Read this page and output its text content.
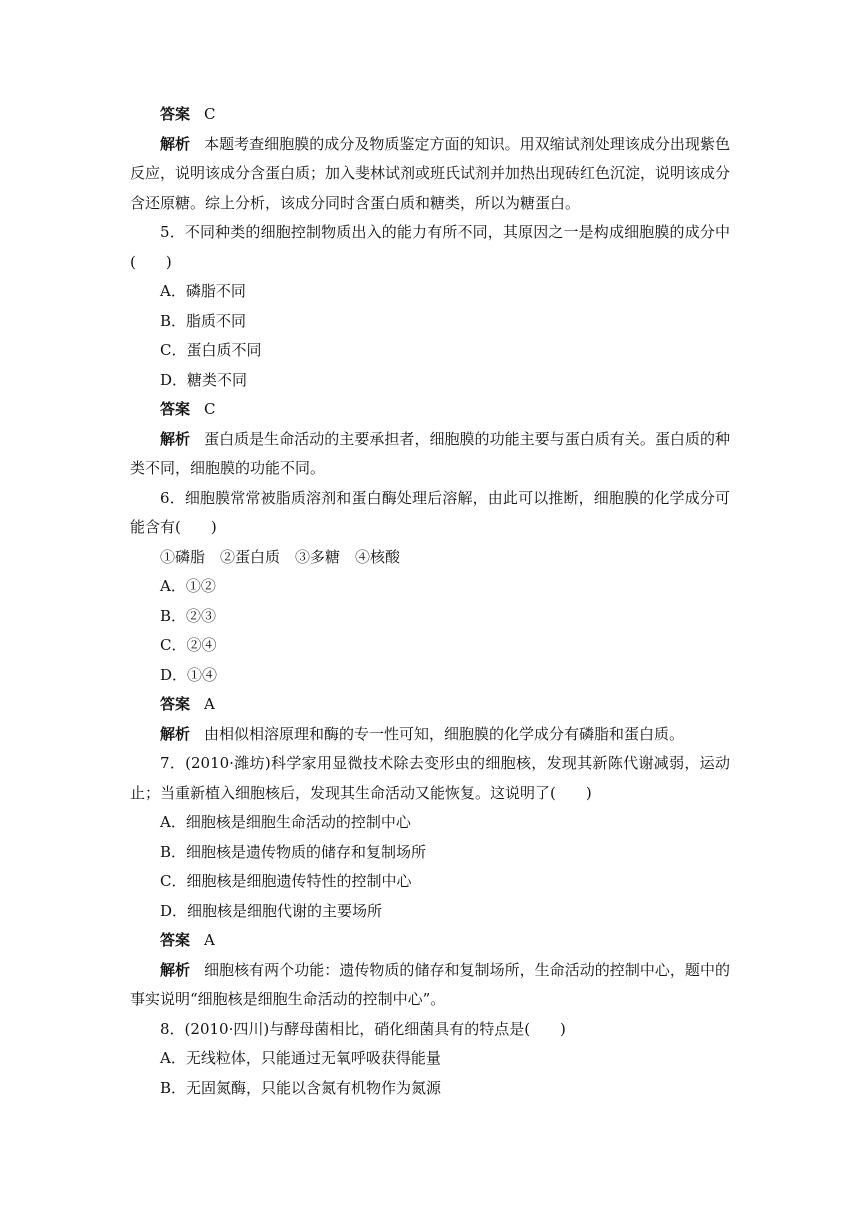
答案 C
解析 本题考查细胞膜的成分及物质鉴定方面的知识。用双缩试剂处理该成分出现紫色
反应，说明该成分含蛋白质；加入斐林试剂或班氏试剂并加热出现砖红色沉淀，说明该成分
含还原糖。综上分析，该成分同时含蛋白质和糖类，所以为糖蛋白。
5．不同种类的细胞控制物质出入的能力有所不同，其原因之一是构成细胞膜的成分中
(　　)
A．磷脂不同
B．脂质不同
C．蛋白质不同
D．糖类不同
答案 C
解析 蛋白质是生命活动的主要承担者，细胞膜的功能主要与蛋白质有关。蛋白质的种
类不同，细胞膜的功能不同。
6．细胞膜常常被脂质溶剂和蛋白酶处理后溶解，由此可以推断，细胞膜的化学成分可
能含有(　　)
①磷脂　②蛋白质　③多糖　④核酸
A．①②
B．②③
C．②④
D．①④
答案 A
解析 由相似相溶原理和酶的专一性可知，细胞膜的化学成分有磷脂和蛋白质。
7．(2010·潍坊)科学家用显微技术除去变形虫的细胞核，发现其新陈代谢减弱，运动
止；当重新植入细胞核后，发现其生命活动又能恢复。这说明了(　　)
A．细胞核是细胞生命活动的控制中心
B．细胞核是遗传物质的储存和复制场所
C．细胞核是细胞遗传特性的控制中心
D．细胞核是细胞代谢的主要场所
答案 A
解析 细胞核有两个功能：遗传物质的储存和复制场所，生命活动的控制中心，题中的
事实说明“细胞核是细胞生命活动的控制中心”。
8．(2010·四川)与酵母菌相比，硝化细菌具有的特点是(　　)
A．无线粒体，只能通过无氧呼吸获得能量
B．无固氮酶，只能以含氮有机物作为氮源
